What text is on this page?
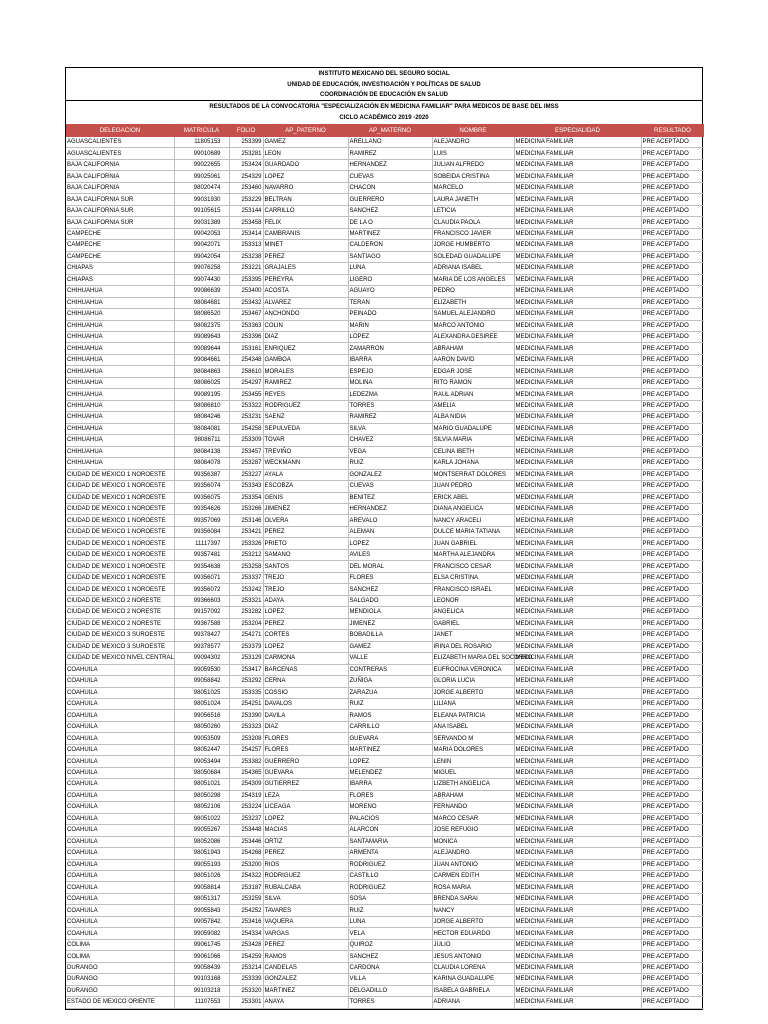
INSTITUTO MEXICANO DEL SEGURO SOCIAL
UNIDAD DE EDUCACIÓN, INVESTIGACIÓN Y POLÍTICAS DE SALUD
COORDINACIÓN DE EDUCACIÓN EN SALUD
RESULTADOS DE LA CONVOCATORIA "ESPECIALIZACIÓN EN MEDICINA FAMILIAR" PARA MEDICOS DE BASE DEL IMSS
CICLO ACADÉMICO 2019 -2020
DELEGACION	MATRICULA	FOLIO	AP_PATERNO	AP_MATERNO	NOMBRE	ESPECIALIDAD	RESULTADO
AGUASCALIENTES	11805153	253399	GAMEZ	ARELLANO	ALEJANDRO	MEDICINA FAMILIAR	PRE ACEPTADO
AGUASCALIENTES	99010689	253281	LEON	RAMIREZ	LUIS	MEDICINA FAMILIAR	PRE ACEPTADO
BAJA CALIFORNIA	99022655	253424	GUARDADO	HERNANDEZ	JULIAN ALFREDO	MEDICINA FAMILIAR	PRE ACEPTADO
BAJA CALIFORNIA	99025061	254329	LOPEZ	CUEVAS	SOBEIDA CRISTINA	MEDICINA FAMILIAR	PRE ACEPTADO
BAJA CALIFORNIA	98020474	253460	NAVARRO	CHACON	MARCELO	MEDICINA FAMILIAR	PRE ACEPTADO
BAJA CALIFORNIA SUR	99031930	253229	BELTRAN	GUERRERO	LAURA JANETH	MEDICINA FAMILIAR	PRE ACEPTADO
BAJA CALIFORNIA SUR	99105615	253144	CARRILLO	SANCHEZ	LETICIA	MEDICINA FAMILIAR	PRE ACEPTADO
BAJA CALIFORNIA SUR	99031389	253458	FELIX	DE LA O	CLAUDIA PAOLA	MEDICINA FAMILIAR	PRE ACEPTADO
CAMPECHE	99042053	253414	CAMBRANIS	MARTINEZ	FRANCISCO JAVIER	MEDICINA FAMILIAR	PRE ACEPTADO
CAMPECHE	99042071	253313	MINET	CALDERON	JORGE HUMBERTO	MEDICINA FAMILIAR	PRE ACEPTADO
CAMPECHE	99042054	253238	PEREZ	SANTIAGO	SOLEDAD GUADALUPE	MEDICINA FAMILIAR	PRE ACEPTADO
CHIAPAS	99076258	253221	GRAJALES	LUNA	ADRIANA ISABEL	MEDICINA FAMILIAR	PRE ACEPTADO
CHIAPAS	99074430	253395	PEREYRA	LIGERO	MARIA DE LOS ANGELES	MEDICINA FAMILIAR	PRE ACEPTADO
CHIHUAHUA	99086639	253400	ACOSTA	AGUAYO	PEDRO	MEDICINA FAMILIAR	PRE ACEPTADO
CHIHUAHUA	98084681	253432	ALVAREZ	TERAN	ELIZABETH	MEDICINA FAMILIAR	PRE ACEPTADO
CHIHUAHUA	98086520	253467	ANCHONDO	PEINADO	SAMUEL ALEJANDRO	MEDICINA FAMILIAR	PRE ACEPTADO
CHIHUAHUA	98082375	253363	COLIN	MARIN	MARCO ANTONIO	MEDICINA FAMILIAR	PRE ACEPTADO
CHIHUAHUA	99089643	253396	DIAZ	LOPEZ	ALEXANDRA DESIREE	MEDICINA FAMILIAR	PRE ACEPTADO
CHIHUAHUA	99089644	253161	ENRIQUEZ	ZAMARRON	ABRAHAM	MEDICINA FAMILIAR	PRE ACEPTADO
CHIHUAHUA	99084661	254348	GAMBOA	IBARRA	AARON DAVID	MEDICINA FAMILIAR	PRE ACEPTADO
CHIHUAHUA	98084863	258610	MORALES	ESPEJO	EDGAR JOSE	MEDICINA FAMILIAR	PRE ACEPTADO
CHIHUAHUA	98086025	254297	RAMIREZ	MOLINA	RITO RAMON	MEDICINA FAMILIAR	PRE ACEPTADO
CHIHUAHUA	99089195	253455	REYES	LEDEZMA	RAUL ADRIAN	MEDICINA FAMILIAR	PRE ACEPTADO
CHIHUAHUA	98086810	253322	RODRIGUEZ	TORRES	AMELIA	MEDICINA FAMILIAR	PRE ACEPTADO
CHIHUAHUA	98084246	253231	SAENZ	RAMIREZ	ALBA NIDIA	MEDICINA FAMILIAR	PRE ACEPTADO
CHIHUAHUA	98084081	254258	SEPULVEDA	SILVA	MARIO GUADALUPE	MEDICINA FAMILIAR	PRE ACEPTADO
CHIHUAHUA	98086711	253309	TOVAR	CHAVEZ	SILVIA MARIA	MEDICINA FAMILIAR	PRE ACEPTADO
CHIHUAHUA	98084138	253457	TREVIÑO	VEGA	CELINA IBETH	MEDICINA FAMILIAR	PRE ACEPTADO
CHIHUAHUA	98084078	253287	WECKMANN	RUIZ	KARLA JOHANA	MEDICINA FAMILIAR	PRE ACEPTADO
CIUDAD DE MEXICO 1 NOROESTE	99356387	253227	AYALA	GONZALEZ	MONTSERRAT DOLORES	MEDICINA FAMILIAR	PRE ACEPTADO
CIUDAD DE MEXICO 1 NOROESTE	99356074	253343	ESCOBZA	CUEVAS	JUAN PEDRO	MEDICINA FAMILIAR	PRE ACEPTADO
CIUDAD DE MEXICO 1 NOROESTE	99356075	253354	GENIS	BENITEZ	ERICK ABEL	MEDICINA FAMILIAR	PRE ACEPTADO
CIUDAD DE MEXICO 1 NOROESTE	99354626	253266	JIMENEZ	HERNANDEZ	DIANA ANGELICA	MEDICINA FAMILIAR	PRE ACEPTADO
CIUDAD DE MEXICO 1 NOROESTE	99357069	253146	OLVERA	AREVALO	NANCY ARACELI	MEDICINA FAMILIAR	PRE ACEPTADO
CIUDAD DE MEXICO 1 NOROESTE	99356084	253421	PEREZ	ALEMAN	DULCE MARIA TATIANA	MEDICINA FAMILIAR	PRE ACEPTADO
CIUDAD DE MEXICO 1 NOROESTE	11117397	253326	PRIETO	LOPEZ	JUAN GABRIEL	MEDICINA FAMILIAR	PRE ACEPTADO
CIUDAD DE MEXICO 1 NOROESTE	99357481	253212	SAMANO	AVILES	MARTHA ALEJANDRA	MEDICINA FAMILIAR	PRE ACEPTADO
CIUDAD DE MEXICO 1 NOROESTE	99354638	253258	SANTOS	DEL MORAL	FRANCISCO CESAR	MEDICINA FAMILIAR	PRE ACEPTADO
CIUDAD DE MEXICO 1 NOROESTE	99356071	253337	TREJO	FLORES	ELSA CRISTINA	MEDICINA FAMILIAR	PRE ACEPTADO
CIUDAD DE MEXICO 1 NOROESTE	99356072	253242	TREJO	SANCHEZ	FRANCISCO ISRAEL	MEDICINA FAMILIAR	PRE ACEPTADO
CIUDAD DE MEXICO 2 NORESTE	99366603	253321	ADAYA	SALGADO	LEONOR	MEDICINA FAMILIAR	PRE ACEPTADO
CIUDAD DE MEXICO 2 NORESTE	99157092	253282	LOPEZ	MENDIOLA	ANGELICA	MEDICINA FAMILIAR	PRE ACEPTADO
CIUDAD DE MEXICO 2 NORESTE	99367588	253204	PEREZ	JIMENEZ	GABRIEL	MEDICINA FAMILIAR	PRE ACEPTADO
CIUDAD DE MEXICO 3 SUROESTE	99378427	254271	CORTES	BOBADILLA	JANET	MEDICINA FAMILIAR	PRE ACEPTADO
CIUDAD DE MEXICO 3 SUROESTE	99378577	253379	LOPEZ	GAMEZ	IRINA DEL ROSARIO	MEDICINA FAMILIAR	PRE ACEPTADO
CIUDAD DE MEXICO NIVEL CENTRAL	99094302	253129	CARMONA	VALLE	ELIZABETH MARIA DEL SOCORRO	MEDICINA FAMILIAR	PRE ACEPTADO
COAHUILA	99059530	253417	BARCENAS	CONTRERAS	EUFROCINA VERONICA	MEDICINA FAMILIAR	PRE ACEPTADO
COAHUILA	99058842	253292	CERNA	ZUÑIGA	GLORIA LUCIA	MEDICINA FAMILIAR	PRE ACEPTADO
COAHUILA	98051025	253335	COSSIO	ZARAZUA	JORGE ALBERTO	MEDICINA FAMILIAR	PRE ACEPTADO
COAHUILA	98051024	254251	DAVALOS	RUIZ	LILIANA	MEDICINA FAMILIAR	PRE ACEPTADO
COAHUILA	99056516	253390	DAVILA	RAMOS	ELEANA PATRICIA	MEDICINA FAMILIAR	PRE ACEPTADO
COAHUILA	98050260	253323	DIAZ	CARRILLO	ANA ISABEL	MEDICINA FAMILIAR	PRE ACEPTADO
COAHUILA	99053509	253208	FLORES	GUEVARA	SERVANDO M	MEDICINA FAMILIAR	PRE ACEPTADO
COAHUILA	98052447	254257	FLORES	MARTINEZ	MARIA DOLORES	MEDICINA FAMILIAR	PRE ACEPTADO
COAHUILA	99053494	253382	GUERRERO	LOPEZ	LENIN	MEDICINA FAMILIAR	PRE ACEPTADO
COAHUILA	98050684	254365	GUEVARA	MELENDEZ	MIGUEL	MEDICINA FAMILIAR	PRE ACEPTADO
COAHUILA	98051021	254309	GUTIERREZ	IBARRA	LIZBETH ANGELICA	MEDICINA FAMILIAR	PRE ACEPTADO
COAHUILA	98050298	254319	LEZA	FLORES	ABRAHAM	MEDICINA FAMILIAR	PRE ACEPTADO
COAHUILA	98052106	253224	LICEAGA	MORENO	FERNANDO	MEDICINA FAMILIAR	PRE ACEPTADO
COAHUILA	98051022	253237	LOPEZ	PALACIOS	MARCO CESAR	MEDICINA FAMILIAR	PRE ACEPTADO
COAHUILA	99055267	253448	MACIAS	ALARCON	JOSE REFUGIO	MEDICINA FAMILIAR	PRE ACEPTADO
COAHUILA	98052086	253446	ORTIZ	SANTAMARIA	MONICA	MEDICINA FAMILIAR	PRE ACEPTADO
COAHUILA	98051943	254268	PEREZ	ARMENTA	ALEJANDRO	MEDICINA FAMILIAR	PRE ACEPTADO
COAHUILA	99055193	253200	RIOS	RODRIGUEZ	JUAN ANTONIO	MEDICINA FAMILIAR	PRE ACEPTADO
COAHUILA	98051026	254322	RODRIGUEZ	CASTILLO	CARMEN EDITH	MEDICINA FAMILIAR	PRE ACEPTADO
COAHUILA	99058814	253187	RUBALCABA	RODRIGUEZ	ROSA MARIA	MEDICINA FAMILIAR	PRE ACEPTADO
COAHUILA	98051317	253259	SILVA	SOSA	BRENDA SARAI	MEDICINA FAMILIAR	PRE ACEPTADO
COAHUILA	99055843	254252	TAVARES	RUIZ	NANCY	MEDICINA FAMILIAR	PRE ACEPTADO
COAHUILA	99057842	253416	VAQUERA	LUNA	JORGE ALBERTO	MEDICINA FAMILIAR	PRE ACEPTADO
COAHUILA	99059082	254334	VARGAS	VELA	HECTOR EDUARDO	MEDICINA FAMILIAR	PRE ACEPTADO
COLIMA	99061745	253428	PEREZ	QUIROZ	JULIO	MEDICINA FAMILIAR	PRE ACEPTADO
COLIMA	99061066	254259	RAMOS	SANCHEZ	JESUS ANTONIO	MEDICINA FAMILIAR	PRE ACEPTADO
DURANGO	99058439	253214	CANDELAS	CARDONA	CLAUDIA LORENA	MEDICINA FAMILIAR	PRE ACEPTADO
DURANGO	99103168	253339	GONZALEZ	VILLA	KARINA GUADALUPE	MEDICINA FAMILIAR	PRE ACEPTADO
DURANGO	99103218	253320	MARTINEZ	DELGADILLO	ISABELA GABRIELA	MEDICINA FAMILIAR	PRE ACEPTADO
ESTADO DE MEXICO ORIENTE	11107553	253301	ANAYA	TORRES	ADRIANA	MEDICINA FAMILIAR	PRE ACEPTADO
